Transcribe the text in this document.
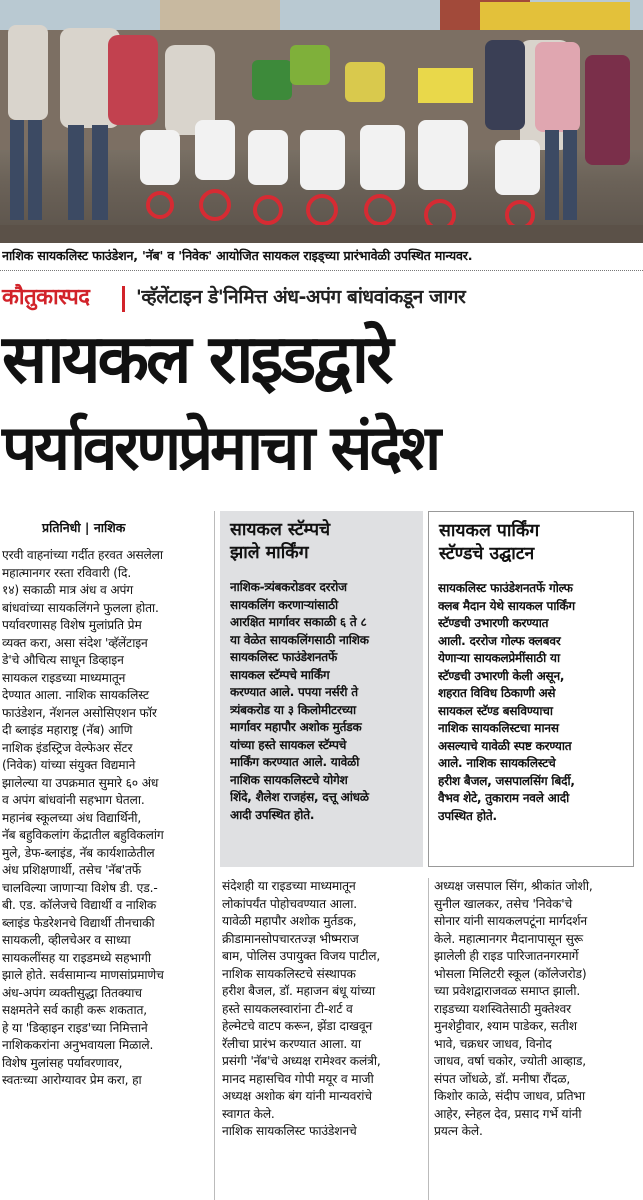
नाशिक सायकलिस्ट फाउंडेशन, 'नॅब' व 'निवेक' आयोजित सायकल राइड्च्या प्रारंभावेळी उपस्थित मान्यवर.
कौतुकास्पद 'व्हॅलेंटाइन डे'निमित्त अंध-अपंग बांधवांकडून जागर
सायकल राइडद्वारे
पर्यावरणप्रेमाचा संदेश
प्रतिनिधी | नाशिक

एरवी वाहनांच्या गर्दीत हरवत असलेला

महात्मानगर रस्ता रविवारी (दि.

१४) सकाळी मात्र अंध व अपंग

बांधवांच्या सायकलिंगने फुलला होता.

पर्यावरणासह विशेष मुलांप्रति प्रेम

व्यक्त करा, असा संदेश 'व्हॅलेंटाइन

डे'चे औचित्य साधून डिव्हाइन

सायकल राइडच्या माध्यमातून

देण्यात आला. नाशिक सायकलिस्ट

फाउंडेशन, नॅशनल असोसिएशन फॉर

दी ब्लाइंड महाराष्ट्र (नॅब) आणि

नाशिक इंडस्ट्रिज वेल्फेअर सेंटर

(निवेक) यांच्या संयुक्त विद्यमाने

झालेल्या या उपक्रमात सुमारे ६० अंध

व अपंग बांधवांनी सहभाग घेतला.

महानंब स्कूलच्या अंध विद्यार्थिनी,

नॅब बहुविकलांग केंद्रातील बहुविकलांग

मुले, डेफ-ब्लाइंड, नॅब कार्यशाळेतील

अंध प्रशिक्षणार्थी, तसेच 'नॅब'तर्फे

चालविल्या जाणाऱ्या विशेष डी. एड.-

बी. एड. कॉलेजचे विद्यार्थी व नाशिक

ब्लाइंड फेडरेशनचे विद्यार्थी तीनचाकी

सायकली, व्हीलचेअर व साध्या

सायकलींसह या राइडमध्ये सहभागी

झाले होते. सर्वसामान्य माणसांप्रमाणेच

अंध-अपंग व्यक्तीसुद्धा तितक्याच

सक्षमतेने सर्व काही करू शकतात,

हे या 'डिव्हाइन राइड'च्या निमित्ताने

नाशिककरांना अनुभवायला मिळाले.

विशेष मुलांसह पर्यावरणावर,

स्वतःच्या आरोग्यावर प्रेम करा, हा

सायकल स्टॅम्पचे
झाले मार्किंग

नाशिक-त्र्यंबकरोडवर दररोज

सायकलिंग करणाऱ्यांसाठी

आरक्षित मार्गावर सकाळी ६ ते ८

या वेळेत सायकलिंगसाठी नाशिक

सायकलिस्ट फाउंडेशनतर्फे

सायकल स्टॅम्पचे मार्किंग

करण्यात आले. पपया नर्सरी ते

त्र्यंबकरोड या ३ किलोमीटरच्या

मार्गावर महापौर अशोक मुर्तडक

यांच्या हस्ते सायकल स्टॅम्पचे

मार्किंग करण्यात आले. यावेळी

नाशिक सायकलिस्टचे योगेश

शिंदे, शैलेश राजहंस, दत्तू आंधळे

आदी उपस्थित होते.

सायकल पार्किंग
स्टॅण्डचे उद्घाटन

सायकलिस्ट फाउंडेशनतर्फे गोल्फ

क्लब मैदान येथे सायकल पार्किंग

स्टॅण्डची उभारणी करण्यात

आली. दररोज गोल्फ क्लबवर

येणाऱ्या सायकलप्रेमींसाठी या

स्टॅण्डची उभारणी केली असून,

शहरात विविध ठिकाणी असे

सायकल स्टॅण्ड बसविण्याचा

नाशिक सायकलिस्टचा मानस

असल्याचे यावेळी स्पष्ट करण्यात

आले. नाशिक सायकलिस्टचे

हरीश बैजल, जसपालसिंग बिर्दी,

वैभव शेटे, तुकाराम नवले आदी

उपस्थित होते.

संदेशही या राइडच्या माध्यमातून

लोकांपर्यंत पोहोचवण्यात आला.

यावेळी महापौर अशोक मुर्तडक,

क्रीडामानसोपचारतज्ज्ञ भीष्मराज

बाम, पोलिस उपायुक्त विजय पाटील,

नाशिक सायकलिस्टचे संस्थापक

हरीश बैजल, डॉ. महाजन बंधू यांच्या

हस्ते सायकलस्वारांना टी-शर्ट व

हेल्मेटचे वाटप करून, झेंडा दाखवून

रॅलीचा प्रारंभ करण्यात आला. या

प्रसंगी 'नॅब'चे अध्यक्ष रामेश्वर कलंत्री,

मानद महासचिव गोपी मयूर व माजी

अध्यक्ष अशोक बंग यांनी मान्यवरांचे

स्वागत केले.

नाशिक सायकलिस्ट फाउंडेशनचे

अध्यक्ष जसपाल सिंग, श्रीकांत जोशी,

सुनील खालकर, तसेच 'निवेक'चे

सोनार यांनी सायकलपटूंना मार्गदर्शन

केले. महात्मानगर मैदानापासून सुरू

झालेली ही राइड पारिजातनगरमार्गे

भोसला मिलिटरी स्कूल (कॉलेजरोड)

च्या प्रवेशद्वाराजवळ समाप्त झाली.

राइडच्या यशस्वितेसाठी मुक्तेश्वर

मुनशेट्टीवार, श्याम पाडेकर, सतीश

भावे, चक्रधर जाधव, विनोद

जाधव, वर्षा चकोर, ज्योती आव्हाड,

संपत जोंधळे, डॉ. मनीषा रौंदळ,

किशोर काळे, संदीप जाधव, प्रतिभा

आहेर, स्नेहल देव, प्रसाद गर्भे यांनी

प्रयत्न केले.
